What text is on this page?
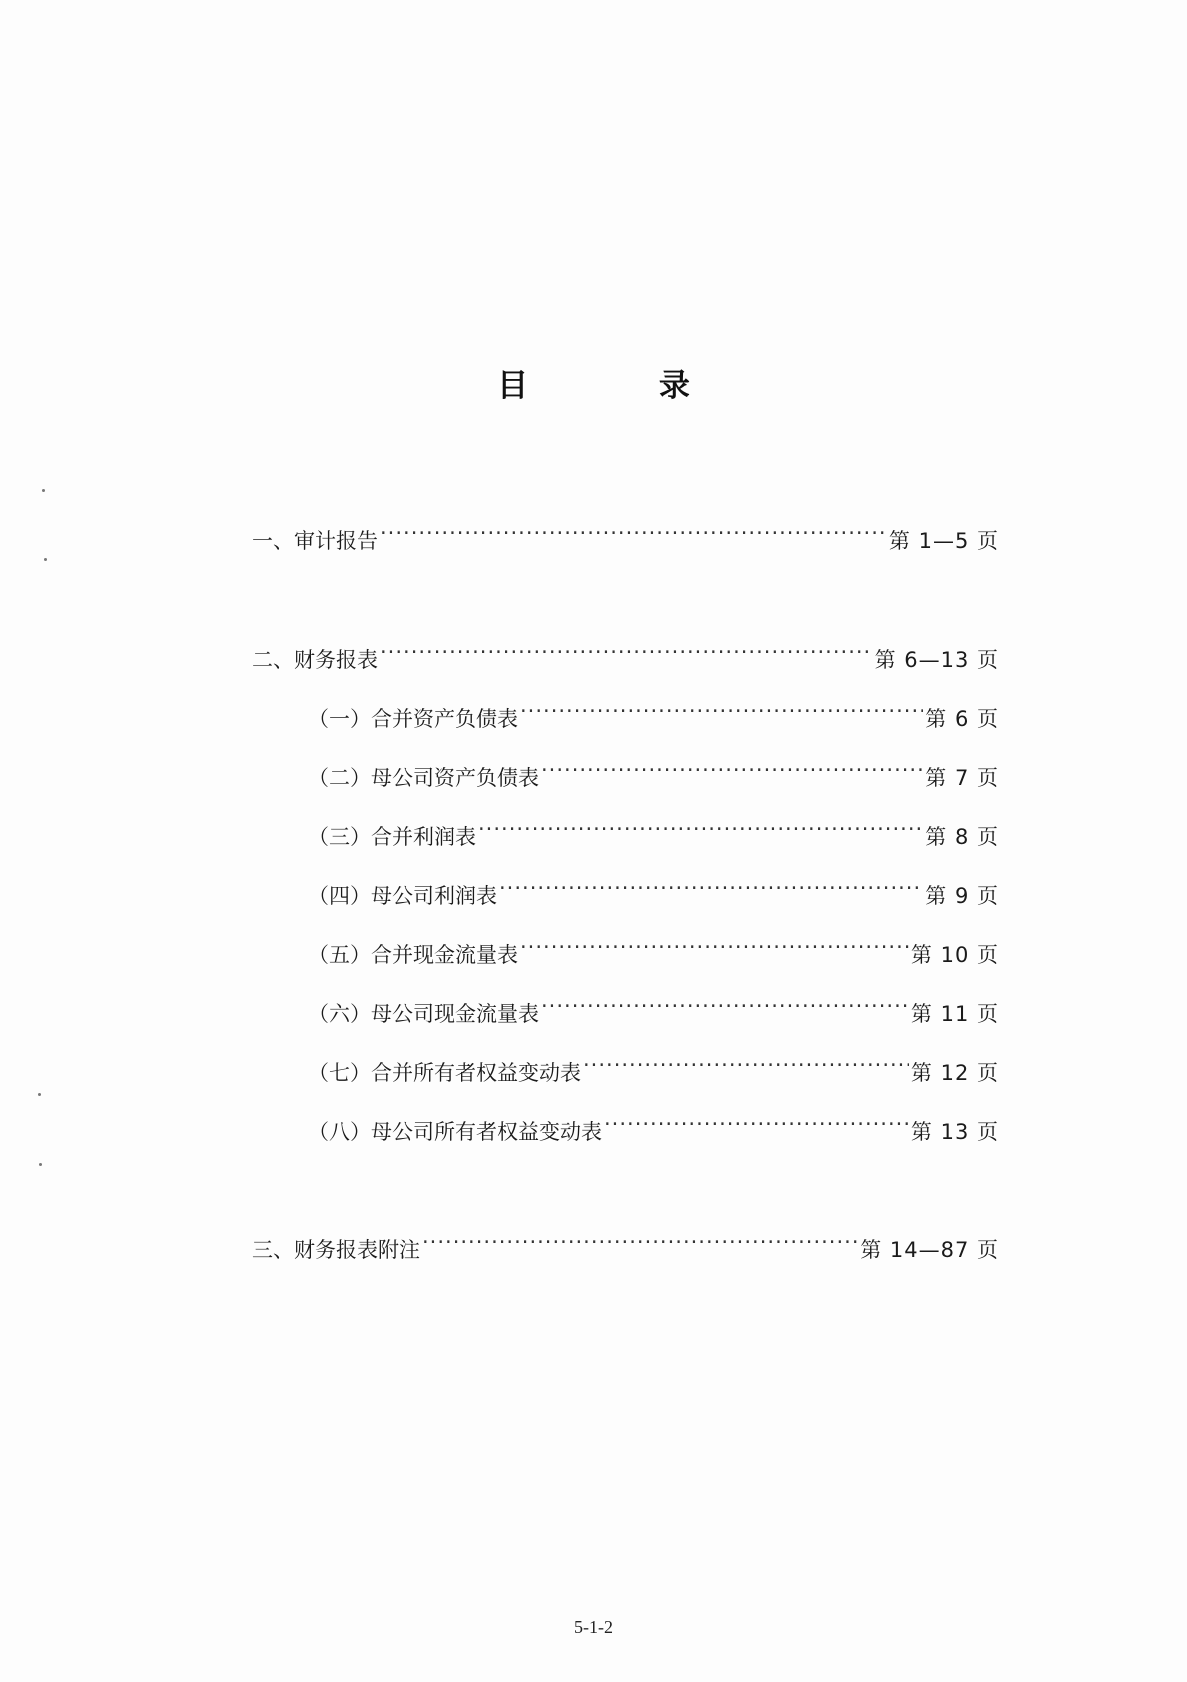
目 录
一、审计报告 ·····	第 1—5 页
二、财务报表 ·····	第 6—13 页
（一）合并资产负债表 ·····	第 6 页
（二）母公司资产负债表 ·····	第 7 页
（三）合并利润表 ·····	第 8 页
（四）母公司利润表 ·····	第 9 页
（五）合并现金流量表 ·····	第 10 页
（六）母公司现金流量表 ·····	第 11 页
（七）合并所有者权益变动表 ·····	第 12 页
（八）母公司所有者权益变动表 ·····	第 13 页
三、财务报表附注 ·····	第 14—87 页
5-1-2
